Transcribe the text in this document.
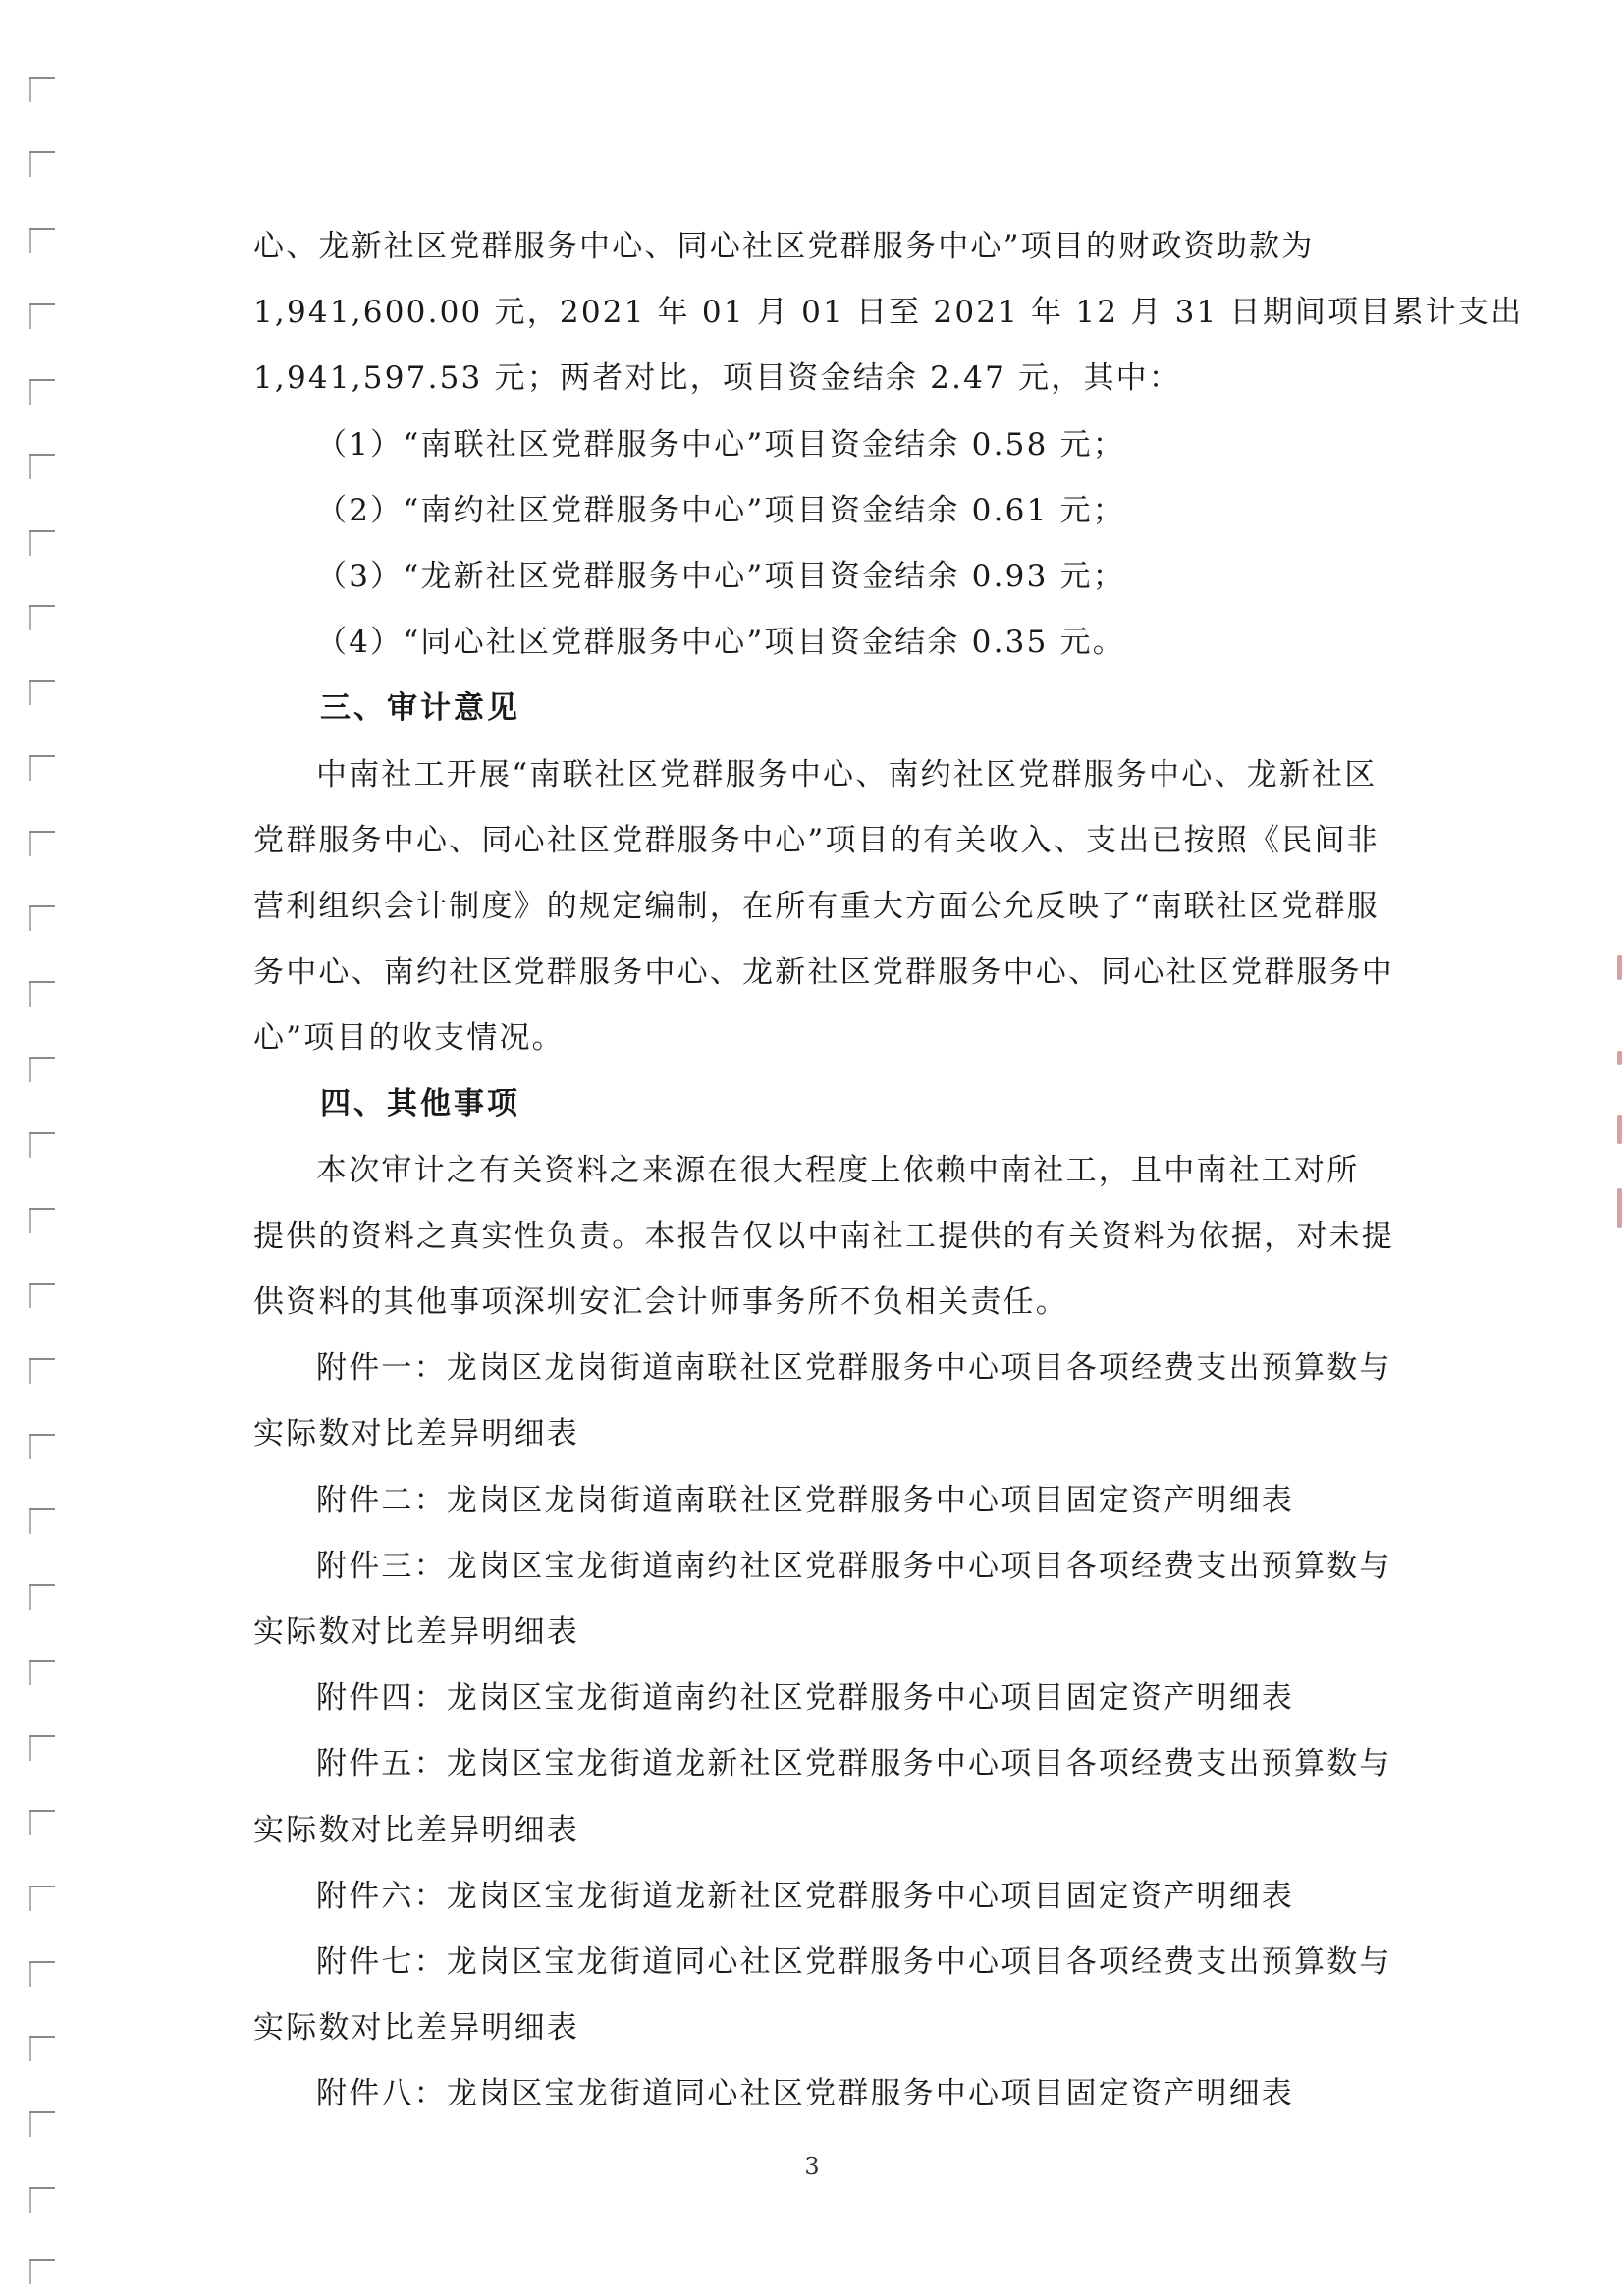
心、龙新社区党群服务中心、同心社区党群服务中心”项目的财政资助款为
1,941,600.00 元，2021 年 01 月 01 日至 2021 年 12 月 31 日期间项目累计支出
1,941,597.53 元；两者对比，项目资金结余 2.47 元，其中：
（1）“南联社区党群服务中心”项目资金结余 0.58 元；
（2）“南约社区党群服务中心”项目资金结余 0.61 元；
（3）“龙新社区党群服务中心”项目资金结余 0.93 元；
（4）“同心社区党群服务中心”项目资金结余 0.35 元。
三、审计意见
中南社工开展“南联社区党群服务中心、南约社区党群服务中心、龙新社区
党群服务中心、同心社区党群服务中心”项目的有关收入、支出已按照《民间非
营利组织会计制度》的规定编制，在所有重大方面公允反映了“南联社区党群服
务中心、南约社区党群服务中心、龙新社区党群服务中心、同心社区党群服务中
心”项目的收支情况。
四、其他事项
本次审计之有关资料之来源在很大程度上依赖中南社工，且中南社工对所
提供的资料之真实性负责。本报告仅以中南社工提供的有关资料为依据，对未提
供资料的其他事项深圳安汇会计师事务所不负相关责任。
附件一：龙岗区龙岗街道南联社区党群服务中心项目各项经费支出预算数与
实际数对比差异明细表
附件二：龙岗区龙岗街道南联社区党群服务中心项目固定资产明细表
附件三：龙岗区宝龙街道南约社区党群服务中心项目各项经费支出预算数与
实际数对比差异明细表
附件四：龙岗区宝龙街道南约社区党群服务中心项目固定资产明细表
附件五：龙岗区宝龙街道龙新社区党群服务中心项目各项经费支出预算数与
实际数对比差异明细表
附件六：龙岗区宝龙街道龙新社区党群服务中心项目固定资产明细表
附件七：龙岗区宝龙街道同心社区党群服务中心项目各项经费支出预算数与
实际数对比差异明细表
附件八：龙岗区宝龙街道同心社区党群服务中心项目固定资产明细表
3
